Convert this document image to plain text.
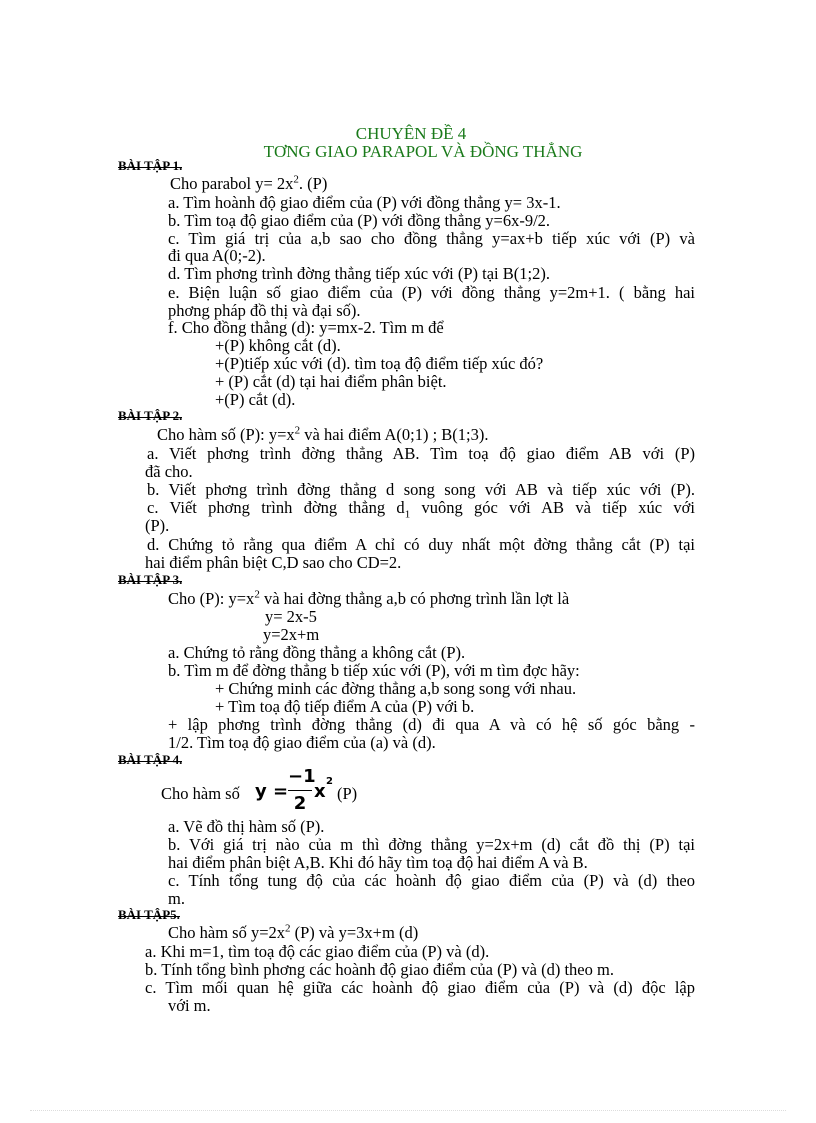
CHUYÊN ĐỀ 4
TƠNG GIAO PARAPOL VÀ ĐỒNG THẲNG
BÀI TẬP 1.
Cho parabol $y= 2x^2$. (P)
a. Tìm hoành độ giao điểm của (P) với đồng thẳng y= 3x-1.
b. Tìm toạ độ giao điểm của (P) với đồng thẳng y=6x-9/2.
c. Tìm giá trị của a,b sao cho đồng thẳng y=ax+b tiếp xúc với (P) và
đi qua A(0;-2).
d. Tìm phơng trình đờng thẳng tiếp xúc với (P) tại B(1;2).
e. Biện luận số giao điểm của (P) với đồng thẳng y=2m+1. ( bằng hai
phơng pháp đồ thị và đại số).
f. Cho đồng thẳng (d): y=mx-2. Tìm m để
+(P) không cắt (d).
+(P)tiếp xúc với (d). tìm toạ độ điểm tiếp xúc đó?
+ (P) cắt (d) tại hai điểm phân biệt.
+(P) cắt (d).
BÀI TẬP 2.
Cho hàm số (P): $y=x^2$ và hai điểm A(0;1) ; B(1;3).
a. Viết phơng trình đờng thẳng AB. Tìm toạ độ giao điểm AB với (P)
đã cho.
b. Viết phơng trình đờng thẳng d song song với AB và tiếp xúc với (P).
c. Viết phơng trình đờng thẳng $d_1$ vuông góc với AB và tiếp xúc với
(P).
d. Chứng tỏ rằng qua điểm A chỉ có duy nhất một đờng thẳng cắt (P) tại
hai điểm phân biệt C,D sao cho CD=2.
BÀI TẬP 3.
Cho (P): $y=x^2$ và hai đờng thẳng a,b có phơng trình lần lợt là
y= 2x-5
y=2x+m
a. Chứng tỏ rằng đồng thẳng a không cắt (P).
b. Tìm m để đờng thẳng b tiếp xúc với (P), với m tìm đợc hãy:
+ Chứng minh các đờng thẳng a,b song song với nhau.
+ Tìm toạ độ tiếp điểm A của (P) với b.
+ lập phơng trình đờng thẳng (d) đi qua A và có hệ số góc bằng -
1/2. Tìm toạ độ giao điểm của (a) và (d).
BÀI TẬP 4.
Cho hàm số y =
−1
2
x 2
(P)
a. Vẽ đồ thị hàm số (P).
b. Với giá trị nào của m thì đờng thẳng y=2x+m (d) cắt đồ thị (P) tại
hai điểm phân biệt A,B. Khi đó hãy tìm toạ độ hai điểm A và B.
c. Tính tổng tung độ của các hoành độ giao điểm của (P) và (d) theo
m.
BÀI TẬP5.
Cho hàm số $y=2x^2$ (P) và y=3x+m (d)
a. Khi m=1, tìm toạ độ các giao điểm của (P) và (d).
b. Tính tổng bình phơng các hoành độ giao điểm của (P) và (d) theo m.
c. Tìm mối quan hệ giữa các hoành độ giao điểm của (P) và (d) độc lập
với m.
